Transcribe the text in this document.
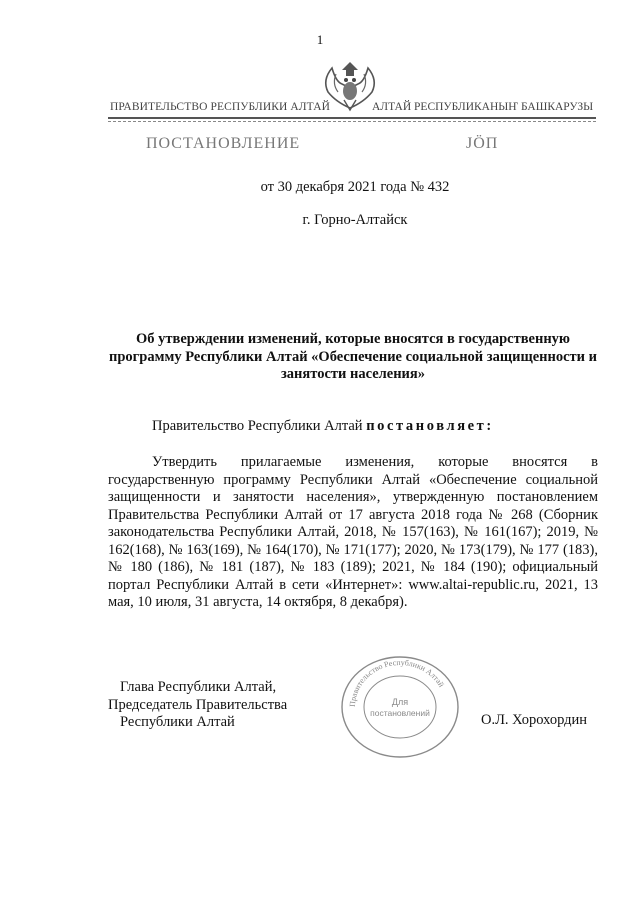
1
ПРАВИТЕЛЬСТВО РЕСПУБЛИКИ АЛТАЙ	АЛТАЙ РЕСПУБЛИКАНЫҤ БАШКАРУЗЫ
ПОСТАНОВЛЕНИЕ	ЈӦП
от 30 декабря 2021 года № 432
г. Горно-Алтайск
Об утверждении изменений, которые вносятся в государственную программу Республики Алтай «Обеспечение социальной защищенности и занятости населения»
Правительство Республики Алтай постановляет:
Утвердить прилагаемые изменения, которые вносятся в государственную программу Республики Алтай «Обеспечение социальной защищенности и занятости населения», утвержденную постановлением Правительства Республики Алтай от 17 августа 2018 года № 268 (Сборник законодательства Республики Алтай, 2018, № 157(163), № 161(167); 2019, № 162(168), № 163(169), № 164(170), № 171(177); 2020, № 173(179), № 177 (183), № 180 (186), № 181 (187), № 183 (189); 2021, № 184 (190); официальный портал Республики Алтай в сети «Интернет»: www.altai-republic.ru, 2021, 13 мая, 10 июля, 31 августа, 14 октября, 8 декабря).
Глава Республики Алтай,
Председатель Правительства
Республики Алтай	О.Л. Хорохордин
Правительство Республики Алтай
Для
постановлений
